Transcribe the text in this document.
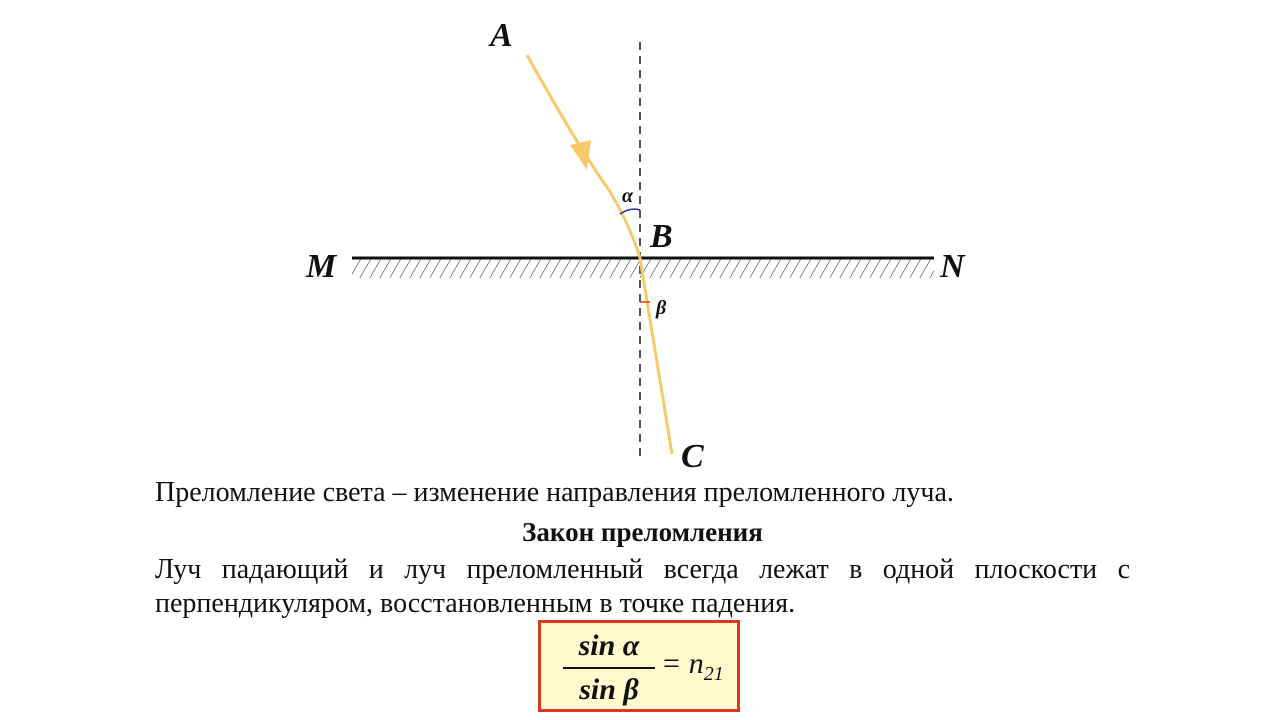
A
B
C
M	N
α
β
Преломление света – изменение направления преломленного луча.
Закон преломления
Луч падающий и луч преломленный всегда лежат в одной плоскости с перпендикуляром, восстановленным в точке падения.
sin α
sin β
= $n_{21}$
